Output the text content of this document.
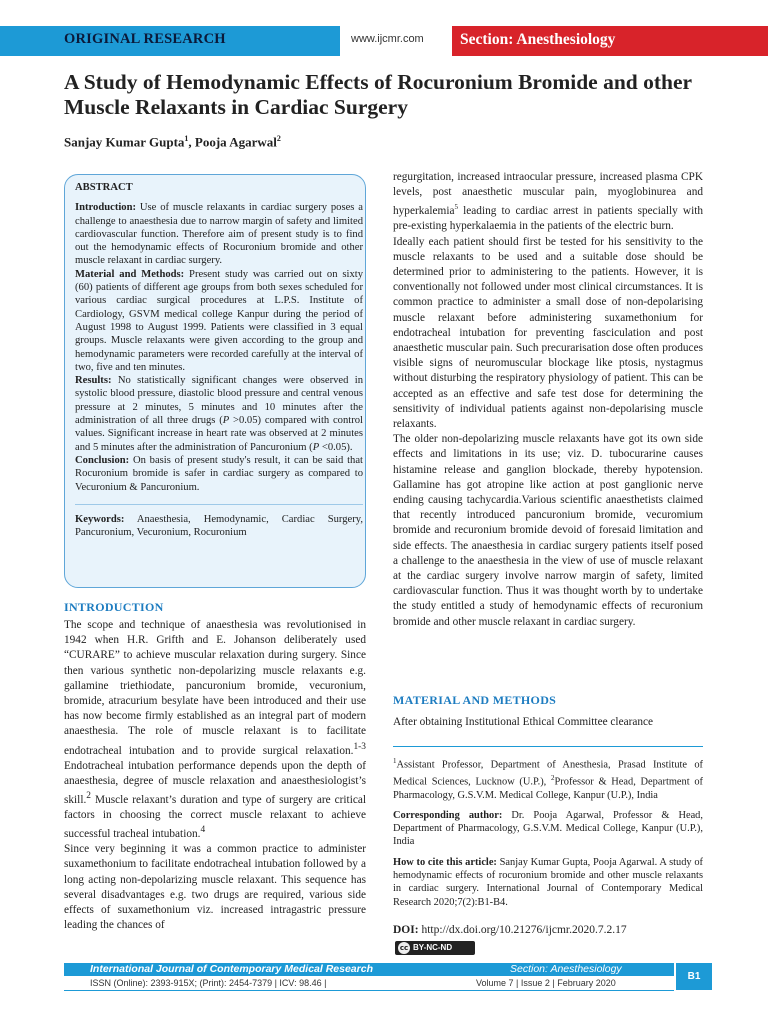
ORIGINAL RESEARCH	www.ijcmr.com Section: Anesthesiology
A Study of Hemodynamic Effects of Rocuronium Bromide and other Muscle Relaxants in Cardiac Surgery
Sanjay Kumar Gupta$^1$, Pooja Agarwal$^2$

ABSTRACT

Introduction: Use of muscle relaxants in cardiac surgery poses a challenge to anaesthesia due to narrow margin of safety and limited cardiovascular function. Therefore aim of present study is to find out the hemodynamic effects of Rocuronium bromide and other muscle relaxant in cardiac surgery.

Material and Methods: Present study was carried out on sixty (60) patients of different age groups from both sexes scheduled for various cardiac surgical procedures at L.P.S. Institute of Cardiology, GSVM medical college Kanpur during the period of August 1998 to August 1999. Patients were classified in 3 equal groups. Muscle relaxants were given according to the group and hemodynamic parameters were recorded carefully at the interval of two, five and ten minutes.

Results: No statistically significant changes were observed in systolic blood pressure, diastolic blood pressure and central venous pressure at 2 minutes, 5 minutes and 10 minutes after the administration of all three drugs (P >0.05) compared with control values. Significant increase in heart rate was observed at 2 minutes and 5 minutes after the administration of Pancuronium (P <0.05).

Conclusion: On basis of present study's result, it can be said that Rocuronium bromide is safer in cardiac surgery as compared to Vecuronium & Pancuronium.

Keywords: Anaesthesia, Hemodynamic, Cardiac Surgery, Pancuronium, Vecuronium, Rocuronium

INTRODUCTION

The scope and technique of anaesthesia was revolutionised in 1942 when H.R. Grifth and E. Johanson deliberately used “CURARE” to achieve muscular relaxation during surgery. Since then various synthetic non-depolarizing muscle relaxants e.g. gallamine triethiodate, pancuronium bromide, vecuronium, bromide, atracurium besylate have been introduced and their use has now become firmly established as an integral part of modern anaesthesia. The role of muscle relaxant is to facilitate endotracheal intubation and to provide surgical relaxation.$^{1-3}$ Endotracheal intubation performance depends upon the depth of anaesthesia, degree of muscle relaxation and anaesthesiologist’s skill.$^2$ Muscle relaxant’s duration and type of surgery are critical factors in choosing the correct muscle relaxant to achieve successful tracheal intubation.$^4$

Since very beginning it was a common practice to administer suxamethonium to facilitate endotracheal intubation followed by a long acting non-depolarizing muscle relaxant. This sequence has several disadvantages e.g. two drugs are required, various side effects of suxamethonium viz. increased intragastric pressure leading the chances of

regurgitation, increased intraocular pressure, increased plasma CPK levels, post anaesthetic muscular pain, myoglobinurea and hyperkalemia$^5$ leading to cardiac arrest in patients specially with pre-existing hyperkalaemia in the patients of the electric burn.

Ideally each patient should first be tested for his sensitivity to the muscle relaxants to be used and a suitable dose should be determined prior to administering to the patients. However, it is conventionally not followed under most clinical circumstances. It is common practice to administer a small dose of non-depolarising muscle relaxant before administering suxamethonium for endotracheal intubation for preventing fasciculation and post anaesthetic muscular pain. Such precurarisation dose often produces visible signs of neuromuscular blockage like ptosis, nystagmus without disturbing the respiratory physiology of patient. This can be accepted as an effective and safe test dose for determining the sensitivity of individual patients against non-depolarising muscle relaxants.

The older non-depolarizing muscle relaxants have got its own side effects and limitations in its use; viz. D. tubocurarine causes histamine release and ganglion blockade, thereby hypotension. Gallamine has got atropine like action at post ganglionic nerve ending causing tachycardia.Various scientific anaesthetists claimed that recently introduced pancuronium bromide, vecuromium bromide and recuronium bromide devoid of foresaid limitation and side effects. The anaesthesia in cardiac surgery patients itself posed a challenge to the anaesthesia in the view of use of muscle relaxant at the cardiac surgery involve narrow margin of safety, limited cardiovascular function. Thus it was thought worth by to undertake the study entitled a study of hemodynamic effects of recuronium bromide and other muscle relaxant in cardiac surgery.

MATERIAL AND METHODS
After obtaining Institutional Ethical Committee clearance

$^1$Assistant Professor, Department of Anesthesia, Prasad Institute of Medical Sciences, Lucknow (U.P.), $^2$Professor & Head, Department of Pharmacology, G.S.V.M. Medical College, Kanpur (U.P.), India

Corresponding author: Dr. Pooja Agarwal, Professor & Head, Department of Pharmacology, G.S.V.M. Medical College, Kanpur (U.P.), India

How to cite this article: Sanjay Kumar Gupta, Pooja Agarwal. A study of hemodynamic effects of rocuronium bromide and other muscle relaxants in cardiac surgery. International Journal of Contemporary Medical Research 2020;7(2):B1-B4.

DOI: http://dx.doi.org/10.21276/ijcmr.2020.7.2.17
cc BY-NC-ND
International Journal of Contemporary Medical Research	Section: Anesthesiology
ISSN (Online): 2393-915X; (Print): 2454-7379 | ICV: 98.46 |	Volume 7 | Issue 2 | February 2020
B1
